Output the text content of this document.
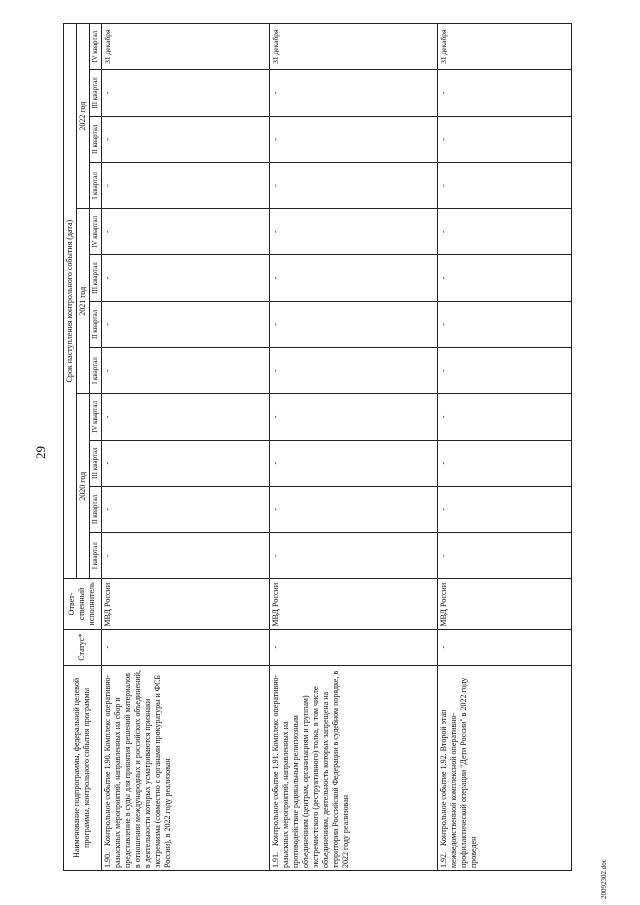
29
Наименование подпрограммы, федеральной целевой программы, контрольного события программы	Статус*	Ответ-ственный исполнитель	Срок наступления контрольного события (дата)											
			2020 год				2021 год				2022 год			
			I квартал	II квартал	III квартал	IV квартал	I квартал	II квартал	III квартал	IV квартал	I квартал	II квартал	III квартал	IV квартал
1.90. Контрольное событие 1.90. Комплекс оперативно-разыскных мероприятий, направленных на сбор и представление в суды для принятия решений материалов в отношении международных и российских объединений, в деятельности которых усматриваются признаки экстремизма (совместно с органами прокуратуры и ФСБ России), в 2022 году реализован	-	МВД России	-	-	-	-	-	-	-	-	-	-	-	31 декабря
1.91. Контрольное событие 1.91. Комплекс оперативно-разыскных мероприятий, направленных на противодействие радикальным религиозным объединениям (центрам, организациям и группам) экстремистского (деструктивного) толка, в том числе объединениям, деятельность которых запрещена на территории Российской Федерации в судебном порядке, в 2022 году реализован	-	МВД России	-	-	-	-	-	-	-	-	-	-	-	31 декабря
1.92. Контрольное событие 1.92. Второй этап межведомственной комплексной оперативно-профилактической операции "Дети России" в 2022 году проведен	-	МВД России	-	-	-	-	-	-	-	-	-	-	-	31 декабря
20092302.doc
